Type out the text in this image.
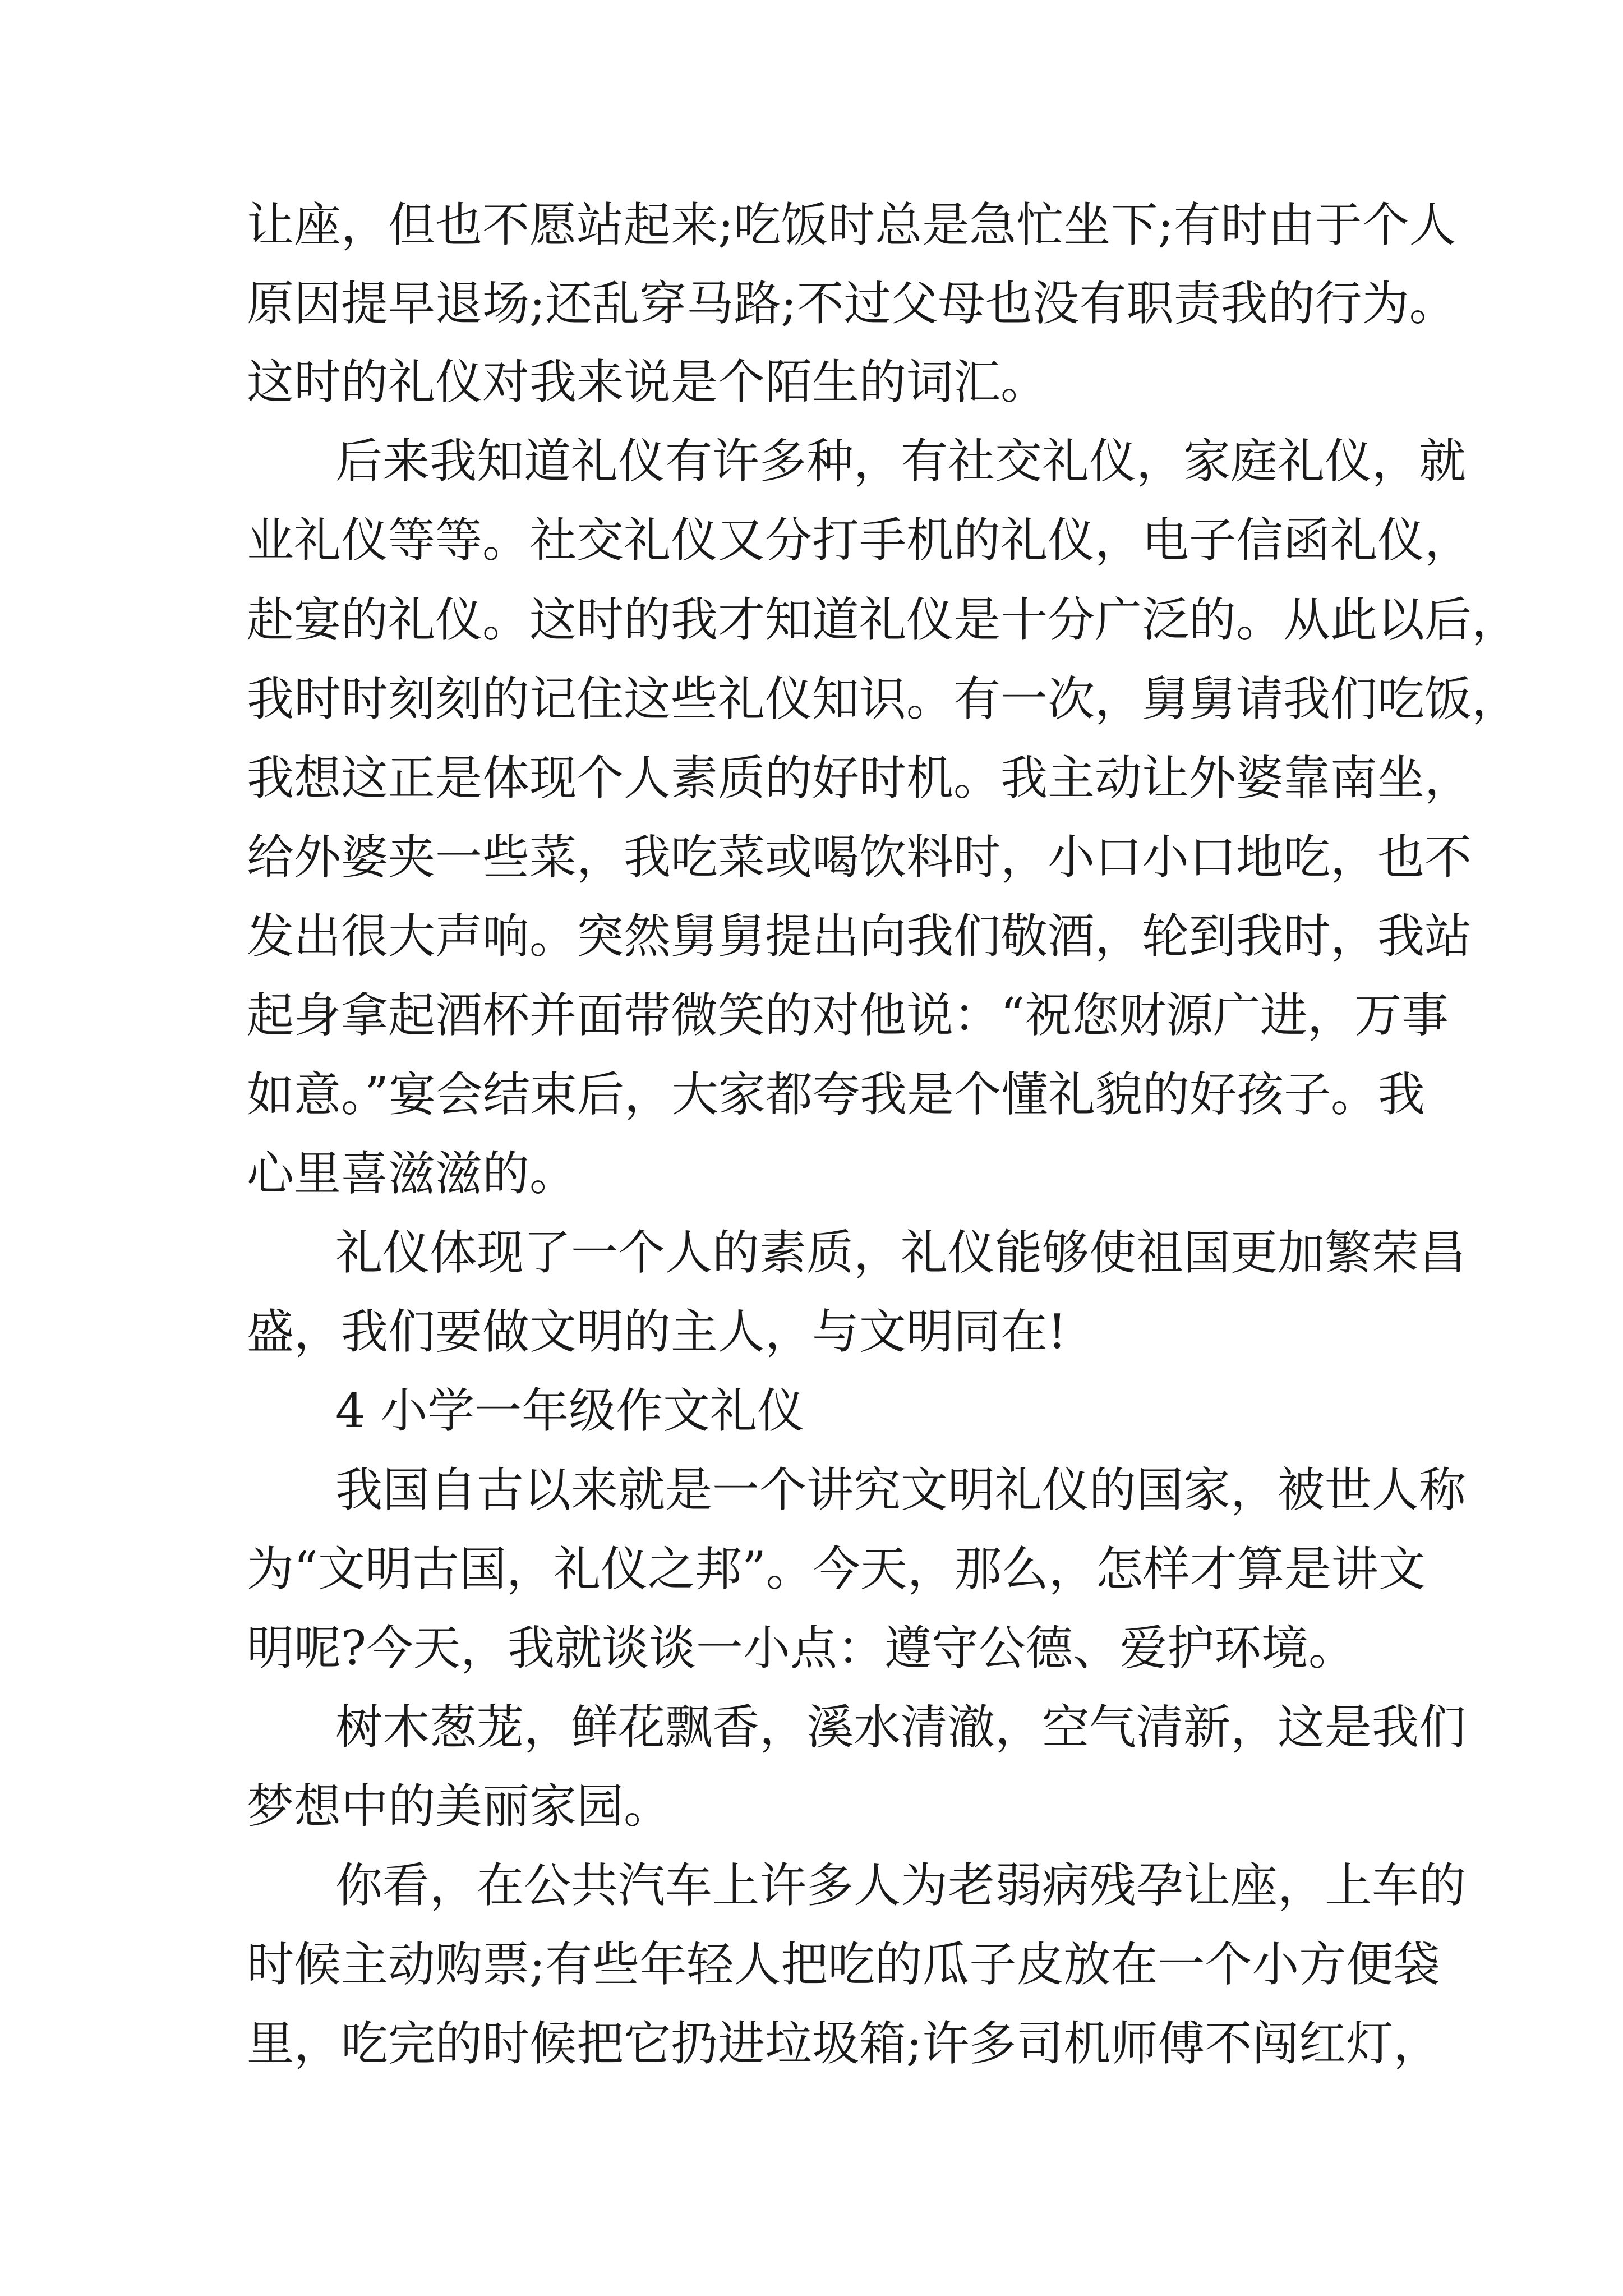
让座，但也不愿站起来;吃饭时总是急忙坐下;有时由于个人
原因提早退场;还乱穿马路;不过父母也没有职责我的行为。
这时的礼仪对我来说是个陌生的词汇。
后来我知道礼仪有许多种，有社交礼仪，家庭礼仪，就
业礼仪等等。社交礼仪又分打手机的礼仪，电子信函礼仪，
赴宴的礼仪。这时的我才知道礼仪是十分广泛的。从此以后，
我时时刻刻的记住这些礼仪知识。有一次，舅舅请我们吃饭，
我想这正是体现个人素质的好时机。我主动让外婆靠南坐，
给外婆夹一些菜，我吃菜或喝饮料时，小口小口地吃，也不
发出很大声响。突然舅舅提出向我们敬酒，轮到我时，我站
起身拿起酒杯并面带微笑的对他说：“祝您财源广进，万事
如意。”宴会结束后，大家都夸我是个懂礼貌的好孩子。我
心里喜滋滋的。
礼仪体现了一个人的素质，礼仪能够使祖国更加繁荣昌
盛，我们要做文明的主人，与文明同在!
4 小学一年级作文礼仪
我国自古以来就是一个讲究文明礼仪的国家，被世人称
为“文明古国，礼仪之邦”。今天，那么，怎样才算是讲文
明呢?今天，我就谈谈一小点：遵守公德、爱护环境。
树木葱茏，鲜花飘香，溪水清澈，空气清新，这是我们
梦想中的美丽家园。
你看，在公共汽车上许多人为老弱病残孕让座，上车的
时候主动购票;有些年轻人把吃的瓜子皮放在一个小方便袋
里，吃完的时候把它扔进垃圾箱;许多司机师傅不闯红灯，
